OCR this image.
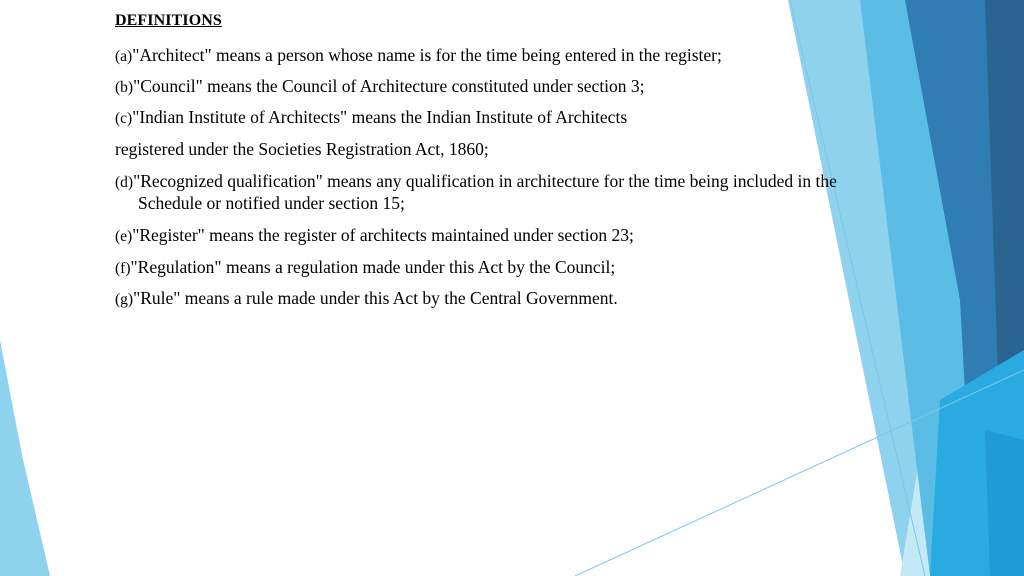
DEFINITIONS
(a)"Architect" means a person whose name is for the time being entered in the register;
(b)"Council" means the Council of Architecture constituted under section 3;
(c)"Indian Institute of Architects" means the Indian Institute of Architects
registered under the Societies Registration Act, 1860;
(d)"Recognized qualification" means any qualification in architecture for the time being included in the
Schedule or notified under section 15;
(e)"Register" means the register of architects maintained under section 23;
(f)"Regulation" means a regulation made under this Act by the Council;
(g)"Rule" means a rule made under this Act by the Central Government.
